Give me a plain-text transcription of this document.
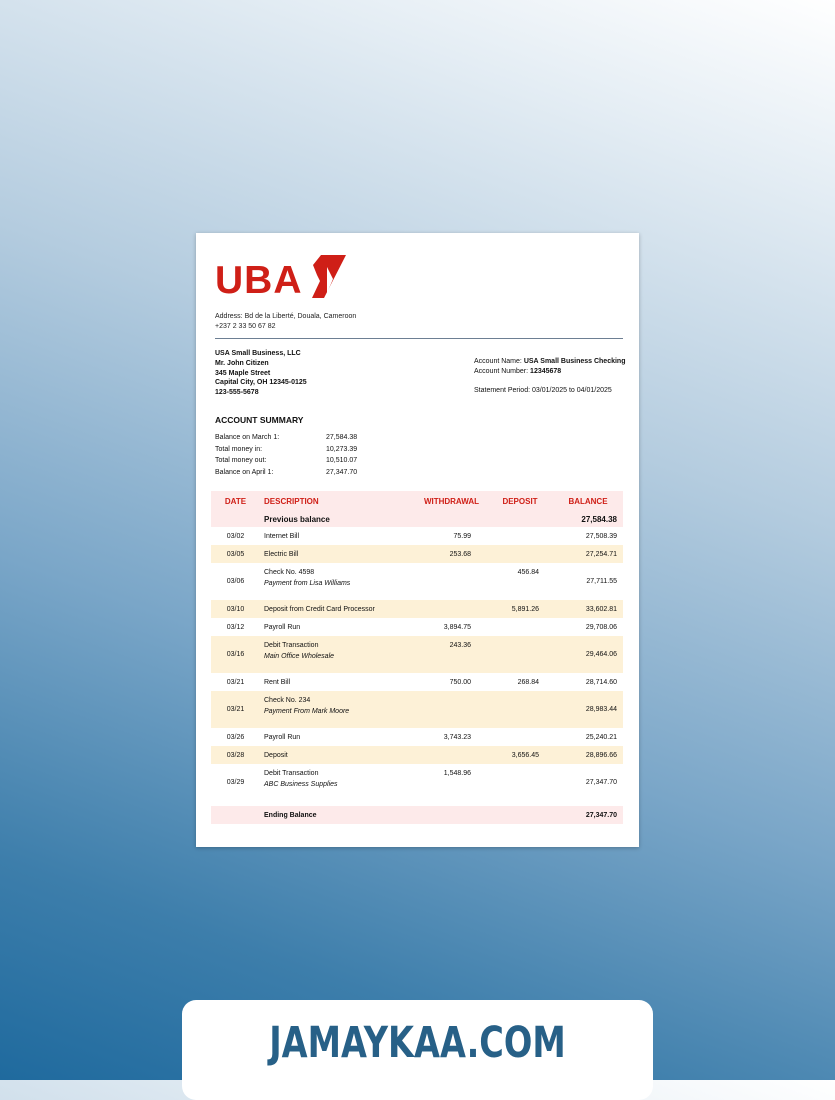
UBA
Address: Bd de la Liberté, Douala, Cameroon
+237 2 33 50 67 82
USA Small Business, LLC
Mr. John Citizen
345 Maple Street
Capital City, OH 12345-0125
123-555-5678
Account Name: USA Small Business Checking
Account Number: 12345678
Statement Period: 03/01/2025 to 04/01/2025
ACCOUNT SUMMARY
Balance on March 1:	27,584.38
Total money in:	10,273.39
Total money out:	10,510.07
Balance on April 1:	27,347.70
DATE	DESCRIPTION	WITHDRAWAL	DEPOSIT	BALANCE
	Previous balance			27,584.38
03/02	Internet Bill	75.99		27,508.39
03/05	Electric Bill	253.68		27,254.71
03/06	Check No. 4598
Payment from Lisa Williams		456.84	27,711.55
03/10	Deposit from Credit Card Processor		5,891.26	33,602.81
03/12	Payroll Run	3,894.75		29,708.06
03/16	Debit Transaction
Main Office Wholesale	243.36		29,464.06
03/21	Rent Bill	750.00	268.84	28,714.60
03/21	Check No. 234
Payment From Mark Moore			28,983.44
03/26	Payroll Run	3,743.23		25,240.21
03/28	Deposit		3,656.45	28,896.66
03/29	Debit Transaction
ABC Business Supplies	1,548.96		27,347.70

	Ending Balance			27,347.70
JAMAYKAA.COM
